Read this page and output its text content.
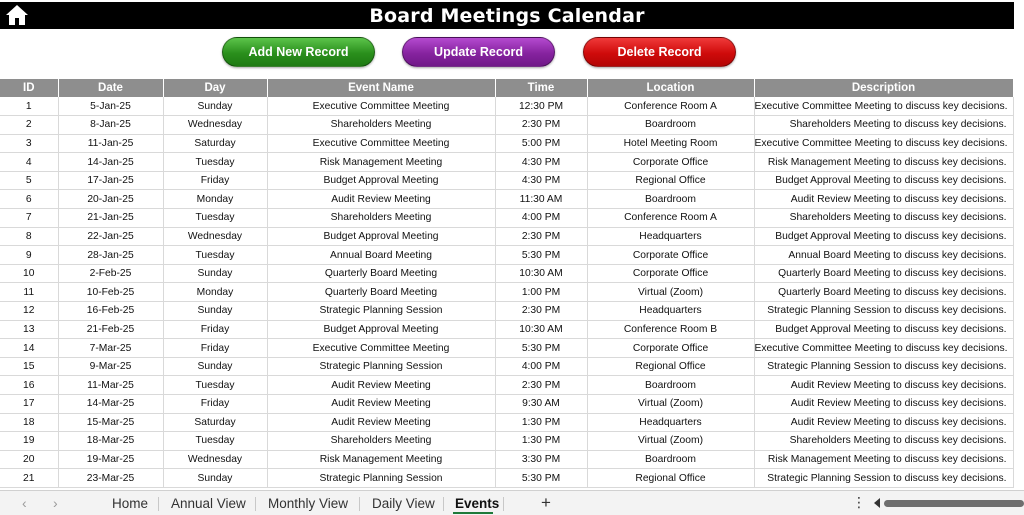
Board Meetings Calendar
Add New Record	Update Record	Delete Record
ID	Date	Day	Event Name	Time	Location	Description
1	5-Jan-25	Sunday	Executive Committee Meeting	12:30 PM	Conference Room A	Executive Committee Meeting to discuss key decisions.
2	8-Jan-25	Wednesday	Shareholders Meeting	2:30 PM	Boardroom	Shareholders Meeting to discuss key decisions.
3	11-Jan-25	Saturday	Executive Committee Meeting	5:00 PM	Hotel Meeting Room	Executive Committee Meeting to discuss key decisions.
4	14-Jan-25	Tuesday	Risk Management Meeting	4:30 PM	Corporate Office	Risk Management Meeting to discuss key decisions.
5	17-Jan-25	Friday	Budget Approval Meeting	4:30 PM	Regional Office	Budget Approval Meeting to discuss key decisions.
6	20-Jan-25	Monday	Audit Review Meeting	11:30 AM	Boardroom	Audit Review Meeting to discuss key decisions.
7	21-Jan-25	Tuesday	Shareholders Meeting	4:00 PM	Conference Room A	Shareholders Meeting to discuss key decisions.
8	22-Jan-25	Wednesday	Budget Approval Meeting	2:30 PM	Headquarters	Budget Approval Meeting to discuss key decisions.
9	28-Jan-25	Tuesday	Annual Board Meeting	5:30 PM	Corporate Office	Annual Board Meeting to discuss key decisions.
10	2-Feb-25	Sunday	Quarterly Board Meeting	10:30 AM	Corporate Office	Quarterly Board Meeting to discuss key decisions.
11	10-Feb-25	Monday	Quarterly Board Meeting	1:00 PM	Virtual (Zoom)	Quarterly Board Meeting to discuss key decisions.
12	16-Feb-25	Sunday	Strategic Planning Session	2:30 PM	Headquarters	Strategic Planning Session to discuss key decisions.
13	21-Feb-25	Friday	Budget Approval Meeting	10:30 AM	Conference Room B	Budget Approval Meeting to discuss key decisions.
14	7-Mar-25	Friday	Executive Committee Meeting	5:30 PM	Corporate Office	Executive Committee Meeting to discuss key decisions.
15	9-Mar-25	Sunday	Strategic Planning Session	4:00 PM	Regional Office	Strategic Planning Session to discuss key decisions.
16	11-Mar-25	Tuesday	Audit Review Meeting	2:30 PM	Boardroom	Audit Review Meeting to discuss key decisions.
17	14-Mar-25	Friday	Audit Review Meeting	9:30 AM	Virtual (Zoom)	Audit Review Meeting to discuss key decisions.
18	15-Mar-25	Saturday	Audit Review Meeting	1:30 PM	Headquarters	Audit Review Meeting to discuss key decisions.
19	18-Mar-25	Tuesday	Shareholders Meeting	1:30 PM	Virtual (Zoom)	Shareholders Meeting to discuss key decisions.
20	19-Mar-25	Wednesday	Risk Management Meeting	3:30 PM	Boardroom	Risk Management Meeting to discuss key decisions.
21	23-Mar-25	Sunday	Strategic Planning Session	5:30 PM	Regional Office	Strategic Planning Session to discuss key decisions.
‹ ›	Home Annual View Monthly View Daily View Events +	⋮
